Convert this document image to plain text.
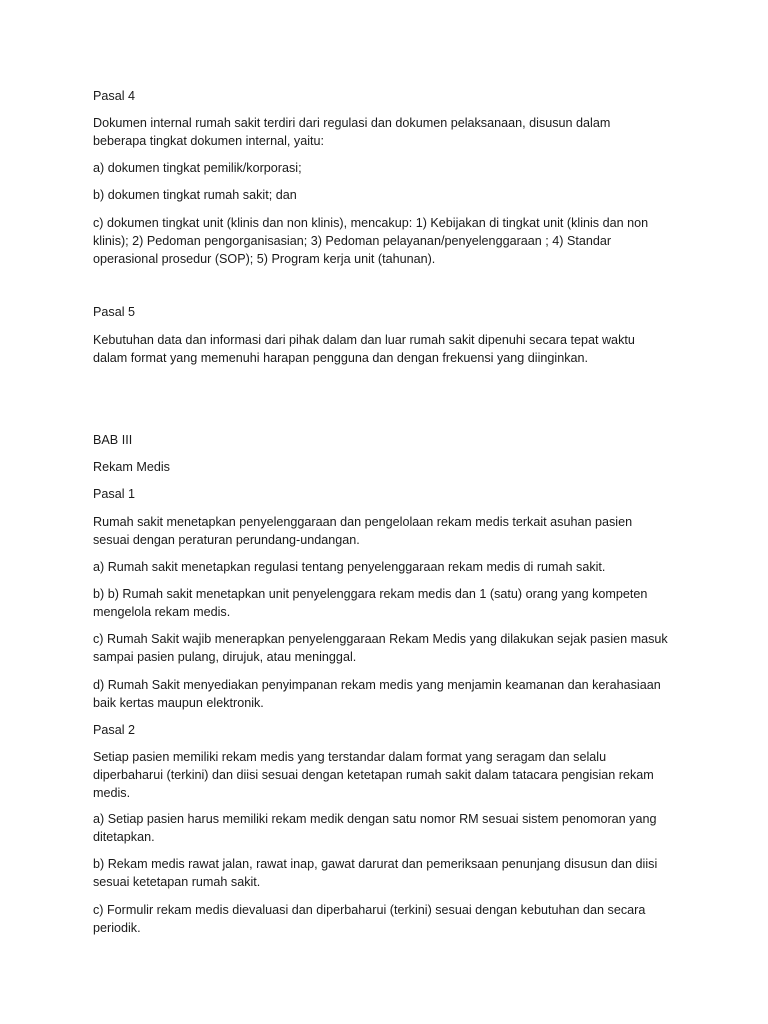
Pasal 4

Dokumen internal rumah sakit terdiri dari regulasi dan dokumen pelaksanaan, disusun dalam
beberapa tingkat dokumen internal, yaitu:

a) dokumen tingkat pemilik/korporasi;

b) dokumen tingkat rumah sakit; dan

c) dokumen tingkat unit (klinis dan non klinis), mencakup: 1) Kebijakan di tingkat unit (klinis dan non
klinis); 2) Pedoman pengorganisasian; 3) Pedoman pelayanan/penyelenggaraan ; 4) Standar
operasional prosedur (SOP); 5) Program kerja unit (tahunan).

Pasal 5

Kebutuhan data dan informasi dari pihak dalam dan luar rumah sakit dipenuhi secara tepat waktu
dalam format yang memenuhi harapan pengguna dan dengan frekuensi yang diinginkan.

BAB III

Rekam Medis

Pasal 1

Rumah sakit menetapkan penyelenggaraan dan pengelolaan rekam medis terkait asuhan pasien
sesuai dengan peraturan perundang-undangan.

a) Rumah sakit menetapkan regulasi tentang penyelenggaraan rekam medis di rumah sakit.

b) b) Rumah sakit menetapkan unit penyelenggara rekam medis dan 1 (satu) orang yang kompeten
mengelola rekam medis.

c) Rumah Sakit wajib menerapkan penyelenggaraan Rekam Medis yang dilakukan sejak pasien masuk
sampai pasien pulang, dirujuk, atau meninggal.

d) Rumah Sakit menyediakan penyimpanan rekam medis yang menjamin keamanan dan kerahasiaan
baik kertas maupun elektronik.

Pasal 2

Setiap pasien memiliki rekam medis yang terstandar dalam format yang seragam dan selalu
diperbaharui (terkini) dan diisi sesuai dengan ketetapan rumah sakit dalam tatacara pengisian rekam
medis.

a) Setiap pasien harus memiliki rekam medik dengan satu nomor RM sesuai sistem penomoran yang
ditetapkan.

b) Rekam medis rawat jalan, rawat inap, gawat darurat dan pemeriksaan penunjang disusun dan diisi
sesuai ketetapan rumah sakit.

c) Formulir rekam medis dievaluasi dan diperbaharui (terkini) sesuai dengan kebutuhan dan secara
periodik.
